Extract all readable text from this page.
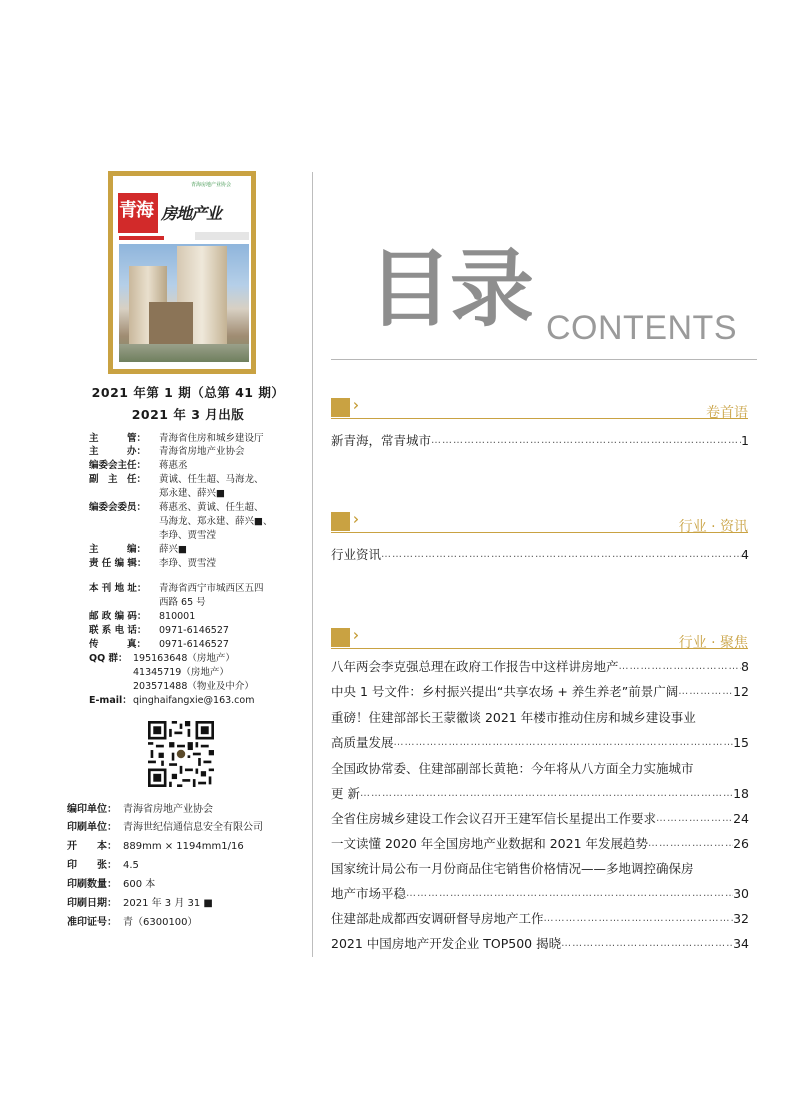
青海房地产业协会
青海 房地产业
2021 年第 1 期（总第 41 期）
2021 年 3 月出版
主　　　管： 青海省住房和城乡建设厅
主　　　办： 青海省房地产业协会
编委会主任： 蒋惠丞
副　主　任： 黄诚、任生超、马海龙、
郑永建、薛兴■
编委会委员： 蒋惠丞、黄诚、任生超、
马海龙、郑永建、薛兴■、
李琤、贾雪滢
主　　　编： 薛兴■
责 任 编 辑： 李琤、贾雪滢
本 刊 地 址： 青海省西宁市城西区五四
西路 65 号
邮 政 编 码： 810001
联 系 电 话： 0971-6146527
传　　　真： 0971-6146527
QQ 群： 195163648（房地产）
41345719（房地产）
203571488（物业及中介）
E-mail：qinghaifangxie@163.com
编印单位： 青海省房地产业协会
印刷单位： 青海世纪信通信息安全有限公司
开　　本： 889mm × 1194mm1/16
印　　张： 4.5
印刷数量： 600 本
印刷日期： 2021 年 3 月 31 ■
准印证号： 青（6300100）
目录 CONTENTS
卷首语
新青海，常青城市 …………………………………………………………………………………………………………………………………………………………………	1
行业 · 资讯
行业资讯 …………………………………………………………………………………………………………………………………………………………………	4
行业 · 聚焦
八年两会李克强总理在政府工作报告中这样讲房地产 …………………………………………………………………………………………………………………………………………………………………	8
中央 1 号文件：乡村振兴提出“共享农场 + 养生养老”前景广阔 …………………………………………………………………………………………………………………………………………………………………	12
重磅！住建部部长王蒙徽谈 2021 年楼市推动住房和城乡建设事业
高质量发展 …………………………………………………………………………………………………………………………………………………………………	15
全国政协常委、住建部副部长黄艳：今年将从八方面全力实施城市
更 新 …………………………………………………………………………………………………………………………………………………………………	18
全省住房城乡建设工作会议召开王建军信长星提出工作要求 …………………………………………………………………………………………………………………………………………………………………	24
一文读懂 2020 年全国房地产业数据和 2021 年发展趋势 …………………………………………………………………………………………………………………………………………………………………	26
国家统计局公布一月份商品住宅销售价格情况——多地调控确保房
地产市场平稳 …………………………………………………………………………………………………………………………………………………………………	30
住建部赴成都西安调研督导房地产工作 …………………………………………………………………………………………………………………………………………………………………	32
2021 中国房地产开发企业 TOP500 揭晓 …………………………………………………………………………………………………………………………………………………………………	34
